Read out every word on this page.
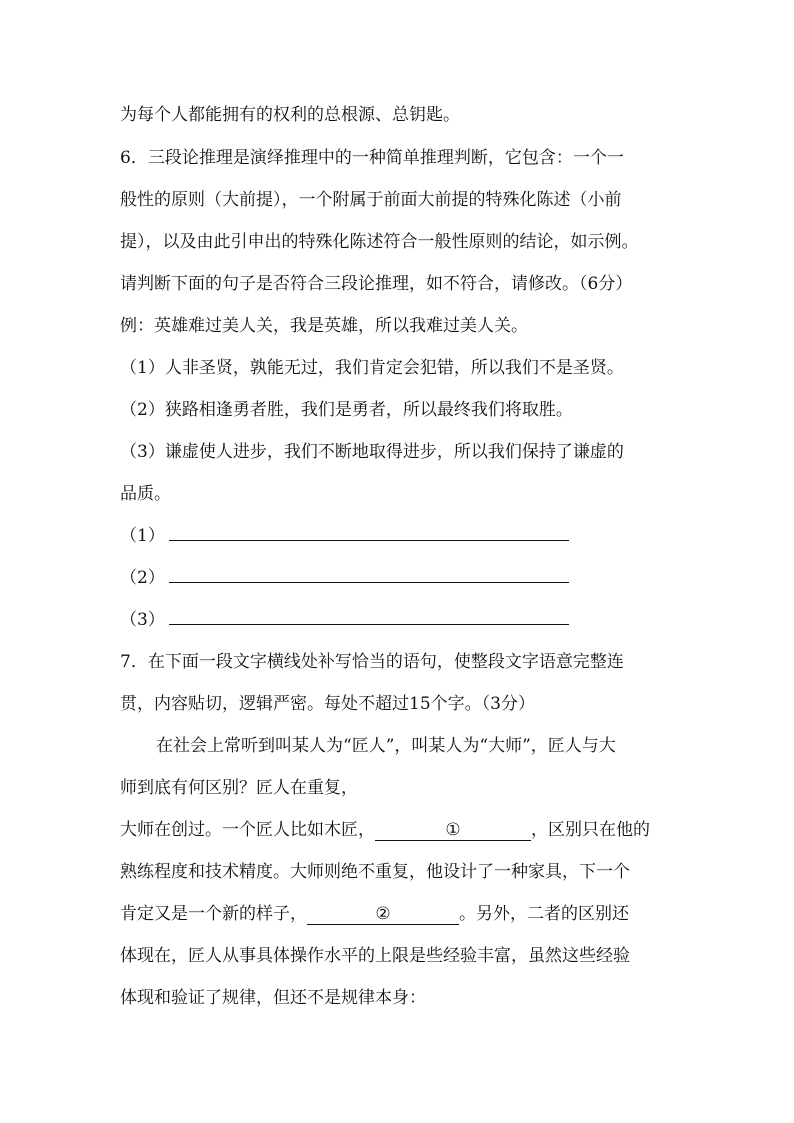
为每个人都能拥有的权利的总根源、总钥匙。
6．三段论推理是演绎推理中的一种简单推理判断，它包含：一个一
般性的原则（大前提），一个附属于前面大前提的特殊化陈述（小前
提），以及由此引申出的特殊化陈述符合一般性原则的结论，如示例。
请判断下面的句子是否符合三段论推理，如不符合，请修改。（6分）
例：英雄难过美人关，我是英雄，所以我难过美人关。
（1）人非圣贤，孰能无过，我们肯定会犯错，所以我们不是圣贤。
（2）狭路相逢勇者胜，我们是勇者，所以最终我们将取胜。
（3）谦虚使人进步，我们不断地取得进步，所以我们保持了谦虚的
品质。
（1）
（2）
（3）
7．在下面一段文字横线处补写恰当的语句，使整段文字语意完整连
贯，内容贴切，逻辑严密。每处不超过15个字。（3分）
在社会上常听到叫某人为“匠人”，叫某人为“大师”，匠人与大
师到底有何区别？匠人在重复，
大师在创过。一个匠人比如木匠，	①	，区别只在他的
熟练程度和技术精度。大师则绝不重复，他设计了一种家具，下一个
肯定又是一个新的样子，	②	。另外，二者的区别还
体现在，匠人从事具体操作水平的上限是些经验丰富，虽然这些经验
体现和验证了规律，但还不是规律本身：
